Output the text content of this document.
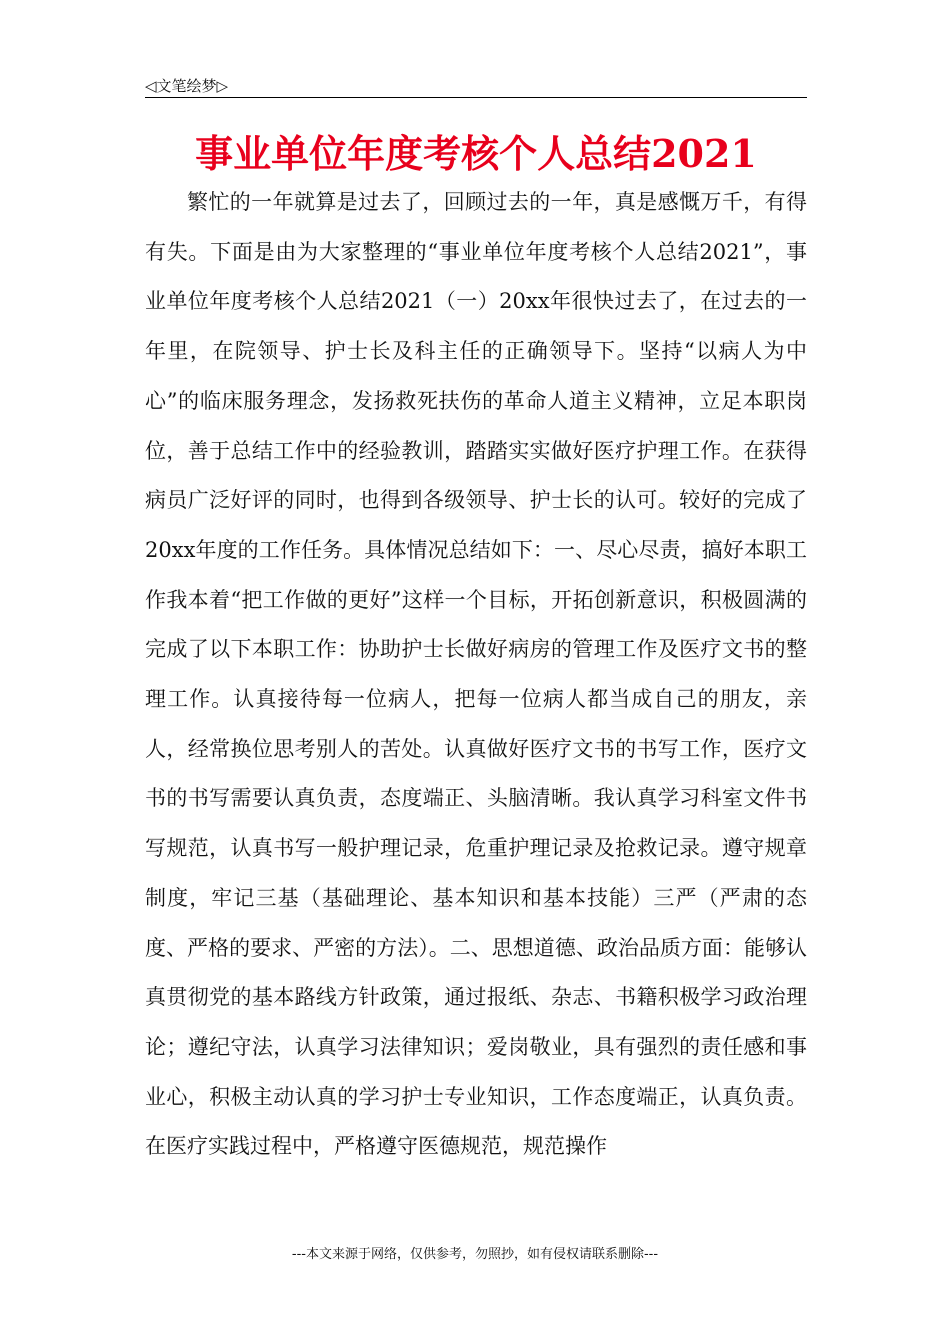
◁文笔绘梦▷
事业单位年度考核个人总结2021

繁忙的一年就算是过去了，回顾过去的一年，真是感慨万千，有得有失。下面是由为大家整理的“事业单位年度考核个人总结2021”，事业单位年度考核个人总结2021（一）20xx年很快过去了，在过去的一年里，在院领导、护士长及科主任的正确领导下。坚持“以病人为中心”的临床服务理念，发扬救死扶伤的革命人道主义精神，立足本职岗位，善于总结工作中的经验教训，踏踏实实做好医疗护理工作。在获得病员广泛好评的同时，也得到各级领导、护士长的认可。较好的完成了20xx年度的工作任务。具体情况总结如下：一、尽心尽责，搞好本职工作我本着“把工作做的更好”这样一个目标，开拓创新意识，积极圆满的完成了以下本职工作：协助护士长做好病房的管理工作及医疗文书的整理工作。认真接待每一位病人，把每一位病人都当成自己的朋友，亲人，经常换位思考别人的苦处。认真做好医疗文书的书写工作，医疗文书的书写需要认真负责，态度端正、头脑清晰。我认真学习科室文件书写规范，认真书写一般护理记录，危重护理记录及抢救记录。遵守规章制度，牢记三基（基础理论、基本知识和基本技能）三严（严肃的态度、严格的要求、严密的方法）。二、思想道德、政治品质方面：能够认真贯彻党的基本路线方针政策，通过报纸、杂志、书籍积极学习政治理论；遵纪守法，认真学习法律知识；爱岗敬业，具有强烈的责任感和事业心，积极主动认真的学习护士专业知识，工作态度端正，认真负责。在医疗实践过程中，严格遵守医德规范，规范操作

---本文来源于网络，仅供参考，勿照抄，如有侵权请联系删除---
